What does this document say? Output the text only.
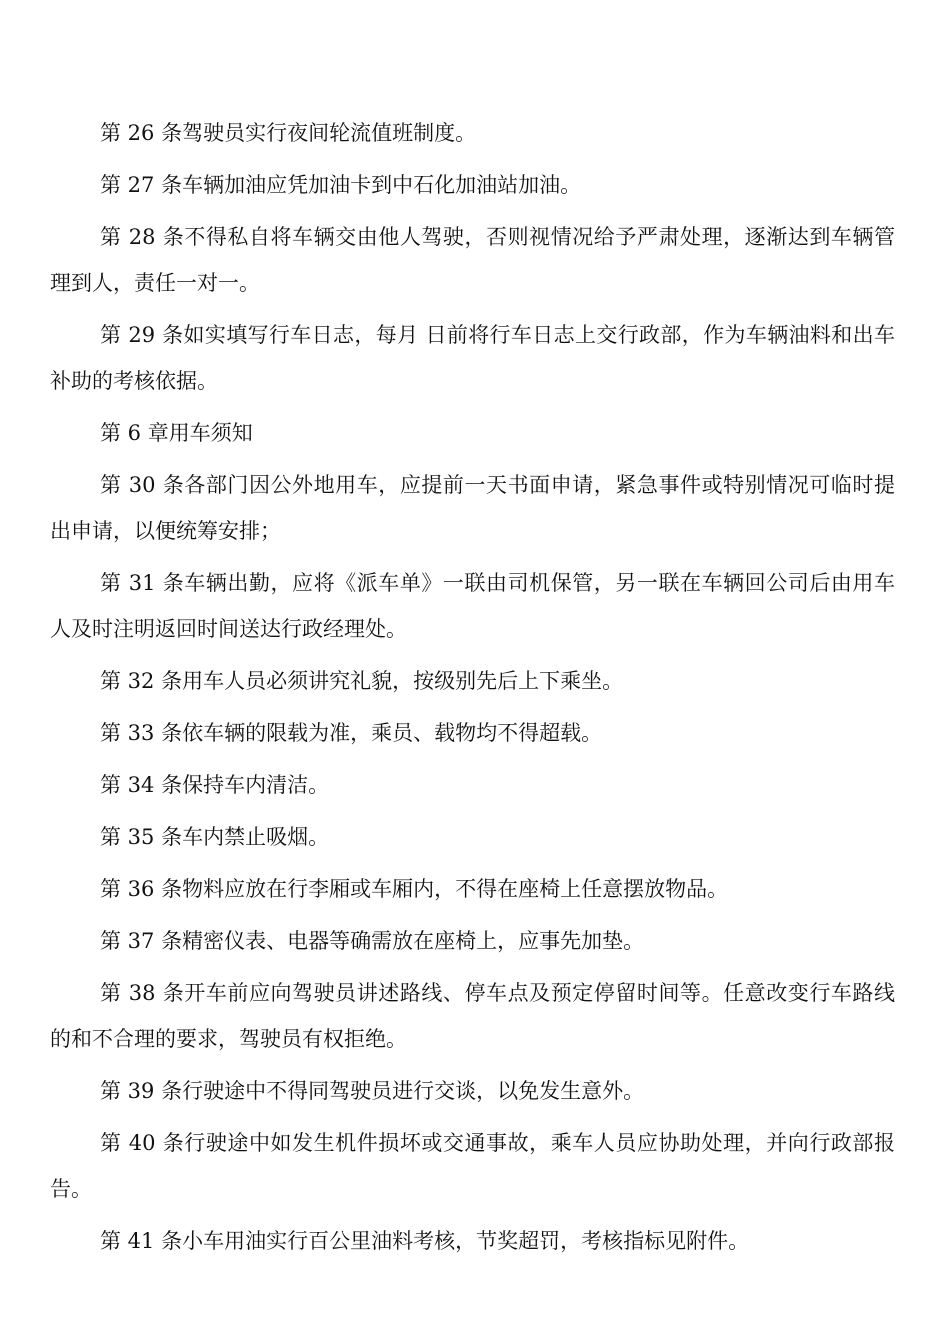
第 26 条驾驶员实行夜间轮流值班制度。

第 27 条车辆加油应凭加油卡到中石化加油站加油。

第 28 条不得私自将车辆交由他人驾驶，否则视情况给予严肃处理，逐渐达到车辆管理到人，责任一对一。

第 29 条如实填写行车日志，每月 日前将行车日志上交行政部，作为车辆油料和出车补助的考核依据。

第 6 章用车须知

第 30 条各部门因公外地用车，应提前一天书面申请，紧急事件或特别情况可临时提出申请，以便统筹安排；

第 31 条车辆出勤，应将《派车单》一联由司机保管，另一联在车辆回公司后由用车人及时注明返回时间送达行政经理处。

第 32 条用车人员必须讲究礼貌，按级别先后上下乘坐。

第 33 条依车辆的限载为准，乘员、载物均不得超载。

第 34 条保持车内清洁。

第 35 条车内禁止吸烟。

第 36 条物料应放在行李厢或车厢内，不得在座椅上任意摆放物品。

第 37 条精密仪表、电器等确需放在座椅上，应事先加垫。

第 38 条开车前应向驾驶员讲述路线、停车点及预定停留时间等。任意改变行车路线的和不合理的要求，驾驶员有权拒绝。

第 39 条行驶途中不得同驾驶员进行交谈，以免发生意外。

第 40 条行驶途中如发生机件损坏或交通事故，乘车人员应协助处理，并向行政部报告。

第 41 条小车用油实行百公里油料考核，节奖超罚，考核指标见附件。
